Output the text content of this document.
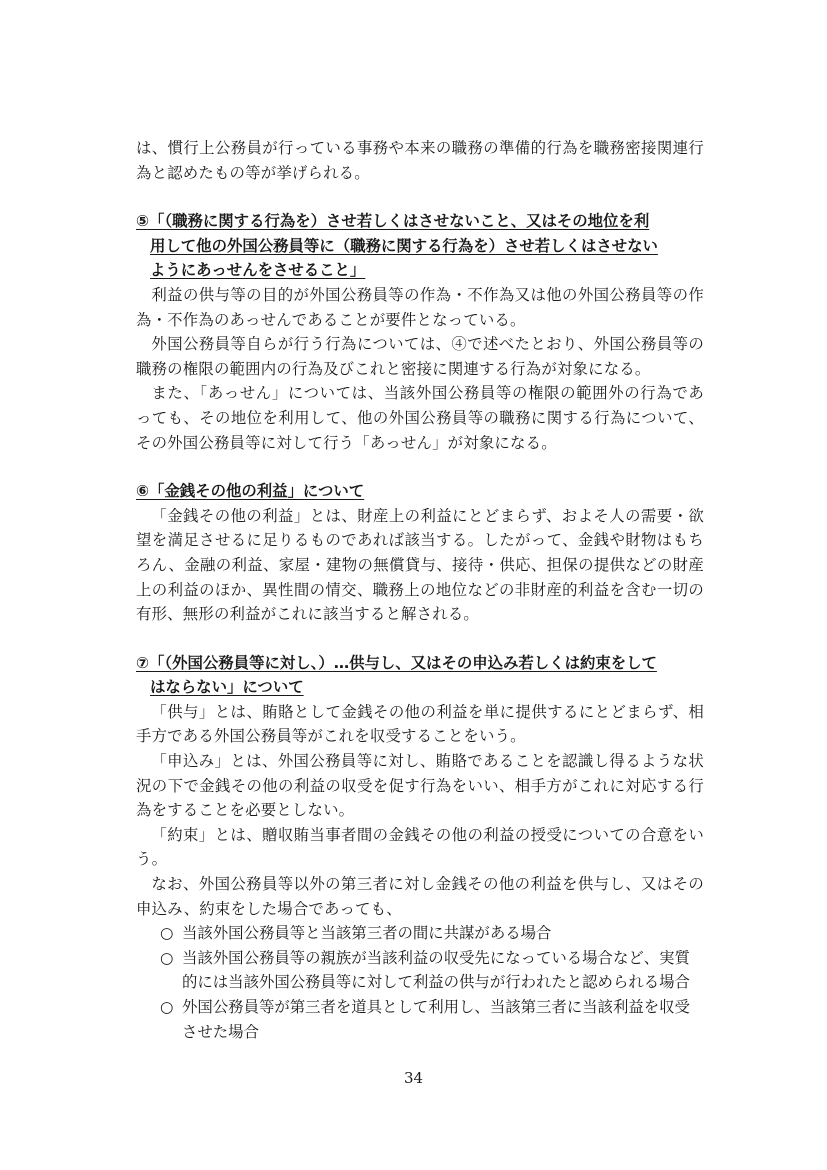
は、慣行上公務員が行っている事務や本来の職務の準備的行為を職務密接関連行為と認めたもの等が挙げられる。

⑤「（職務に関する行為を）させ若しくはさせないこと、又はその地位を利
用して他の外国公務員等に（職務に関する行為を）させ若しくはさせない
ようにあっせんをさせること」

利益の供与等の目的が外国公務員等の作為・不作為又は他の外国公務員等の作為・不作為のあっせんであることが要件となっている。

外国公務員等自らが行う行為については、④で述べたとおり、外国公務員等の職務の権限の範囲内の行為及びこれと密接に関連する行為が対象になる。

また、「あっせん」については、当該外国公務員等の権限の範囲外の行為であっても、その地位を利用して、他の外国公務員等の職務に関する行為について、その外国公務員等に対して行う「あっせん」が対象になる。

⑥「金銭その他の利益」について

「金銭その他の利益」とは、財産上の利益にとどまらず、およそ人の需要・欲望を満足させるに足りるものであれば該当する。したがって、金銭や財物はもちろん、金融の利益、家屋・建物の無償貸与、接待・供応、担保の提供などの財産上の利益のほか、異性間の情交、職務上の地位などの非財産的利益を含む一切の有形、無形の利益がこれに該当すると解される。

⑦「（外国公務員等に対し、）…供与し、又はその申込み若しくは約束をして
はならない」について

「供与」とは、賄賂として金銭その他の利益を単に提供するにとどまらず、相手方である外国公務員等がこれを収受することをいう。

「申込み」とは、外国公務員等に対し、賄賂であることを認識し得るような状況の下で金銭その他の利益の収受を促す行為をいい、相手方がこれに対応する行為をすることを必要としない。

「約束」とは、贈収賄当事者間の金銭その他の利益の授受についての合意をいう。

なお、外国公務員等以外の第三者に対し金銭その他の利益を供与し、又はその申込み、約束をした場合であっても、

○ 当該外国公務員等と当該第三者の間に共謀がある場合
○ 当該外国公務員等の親族が当該利益の収受先になっている場合など、実質的には当該外国公務員等に対して利益の供与が行われたと認められる場合
○ 外国公務員等が第三者を道具として利用し、当該第三者に当該利益を収受させた場合
34
